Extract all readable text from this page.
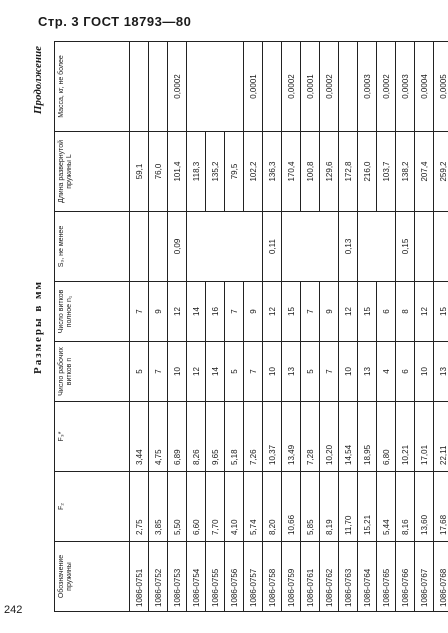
Стр. 3 ГОСТ 18793—80
Размеры в мм
Продолжение
Обозначение пружины	F₂	F₃*	Число рабочих витков n	Число витков полное n₁	S₃, не менее	Длина развернутой пружины L	Масса, кг, не более
1086-0751	2,75	3,44	5	7		59,1	
1086-0752	3,85	4,75	7	9		76,0	
1086-0753	5,50	6,89	10	12	0,09	101,4	0,0002
1086-0754	6,60	8,26	12	14		118,3	
1086-0755	7,70	9,65	14	16		135,2	
1086-0756	4,10	5,18	5	7		79,5	
1086-0757	5,74	7,26	7	9		102,2	0,0001
1086-0758	8,20	10,37	10	12	0,11	136,3	
1086-0759	10,66	13,49	13	15		170,4	0,0002
1086-0761	5,85	7,28	5	7		100,8	0,0001
1086-0762	8,19	10,20	7	9		129,6	0,0002
1086-0763	11,70	14,54	10	12	0,13	172,8	
1086-0764	15,21	18,95	13	15		216,0	0,0003
1086-0765	5,44	6,80	4	6		103,7	0,0002
1086-0766	8,16	10,21	6	8	0,15	138,2	0,0003
1086-0767	13,60	17,01	10	12		207,4	0,0004
1086-0768	17,68	22,11	13	15		259,2	0,0005
242
